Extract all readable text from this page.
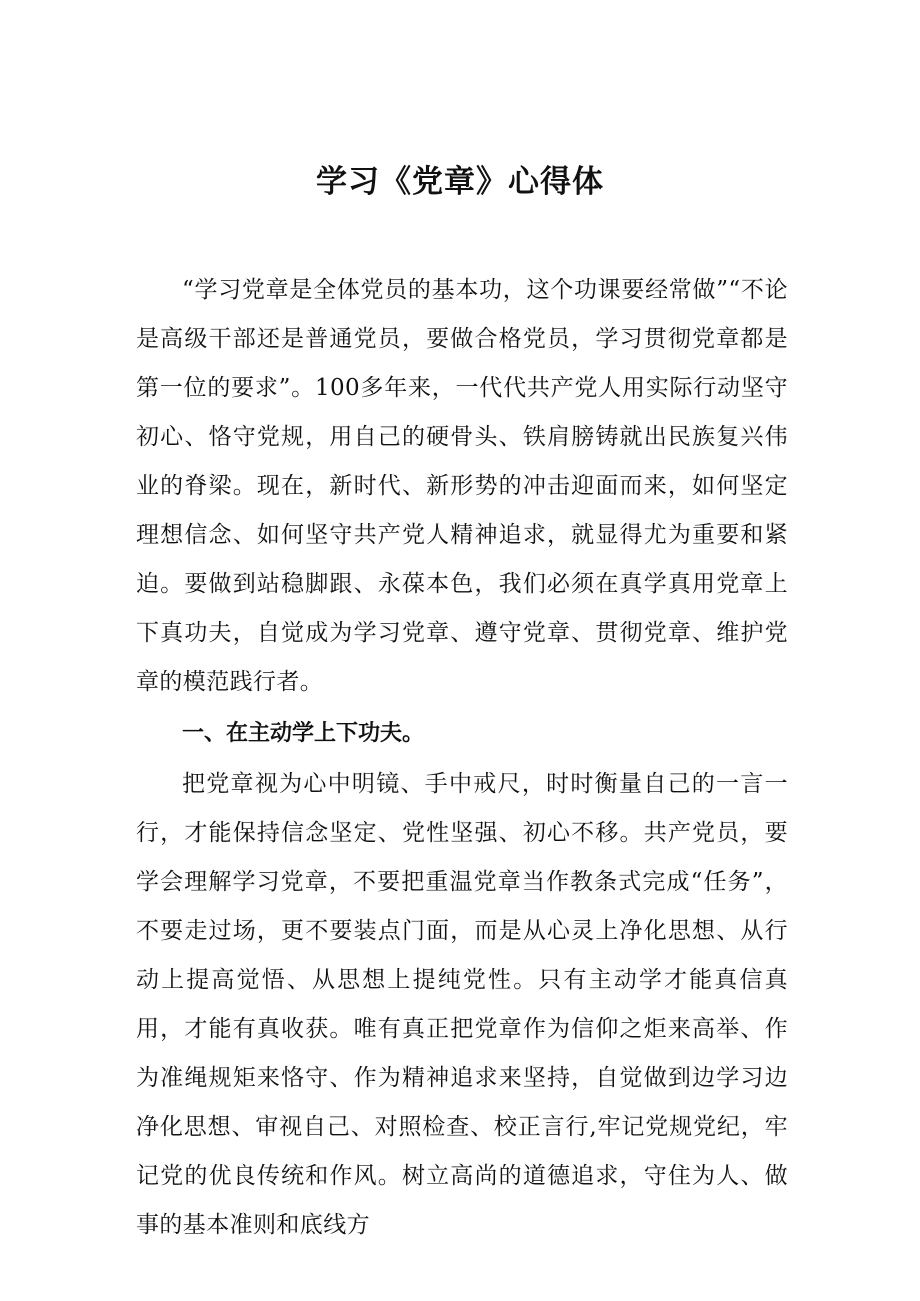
学习《党章》心得体

“学习党章是全体党员的基本功，这个功课要经常做”“不论是高级干部还是普通党员，要做合格党员，学习贯彻党章都是第一位的要求”。100多年来，一代代共产党人用实际行动坚守初心、恪守党规，用自己的硬骨头、铁肩膀铸就出民族复兴伟业的脊梁。现在，新时代、新形势的冲击迎面而来，如何坚定理想信念、如何坚守共产党人精神追求，就显得尤为重要和紧迫。要做到站稳脚跟、永葆本色，我们必须在真学真用党章上下真功夫，自觉成为学习党章、遵守党章、贯彻党章、维护党章的模范践行者。

一、在主动学上下功夫。

把党章视为心中明镜、手中戒尺，时时衡量自己的一言一行，才能保持信念坚定、党性坚强、初心不移。共产党员，要学会理解学习党章，不要把重温党章当作教条式完成“任务”，不要走过场，更不要装点门面，而是从心灵上净化思想、从行动上提高觉悟、从思想上提纯党性。只有主动学才能真信真用，才能有真收获。唯有真正把党章作为信仰之炬来高举、作为准绳规矩来恪守、作为精神追求来坚持，自觉做到边学习边净化思想、审视自己、对照检查、校正言行,牢记党规党纪，牢记党的优良传统和作风。树立高尚的道德追求，守住为人、做事的基本准则和底线方
